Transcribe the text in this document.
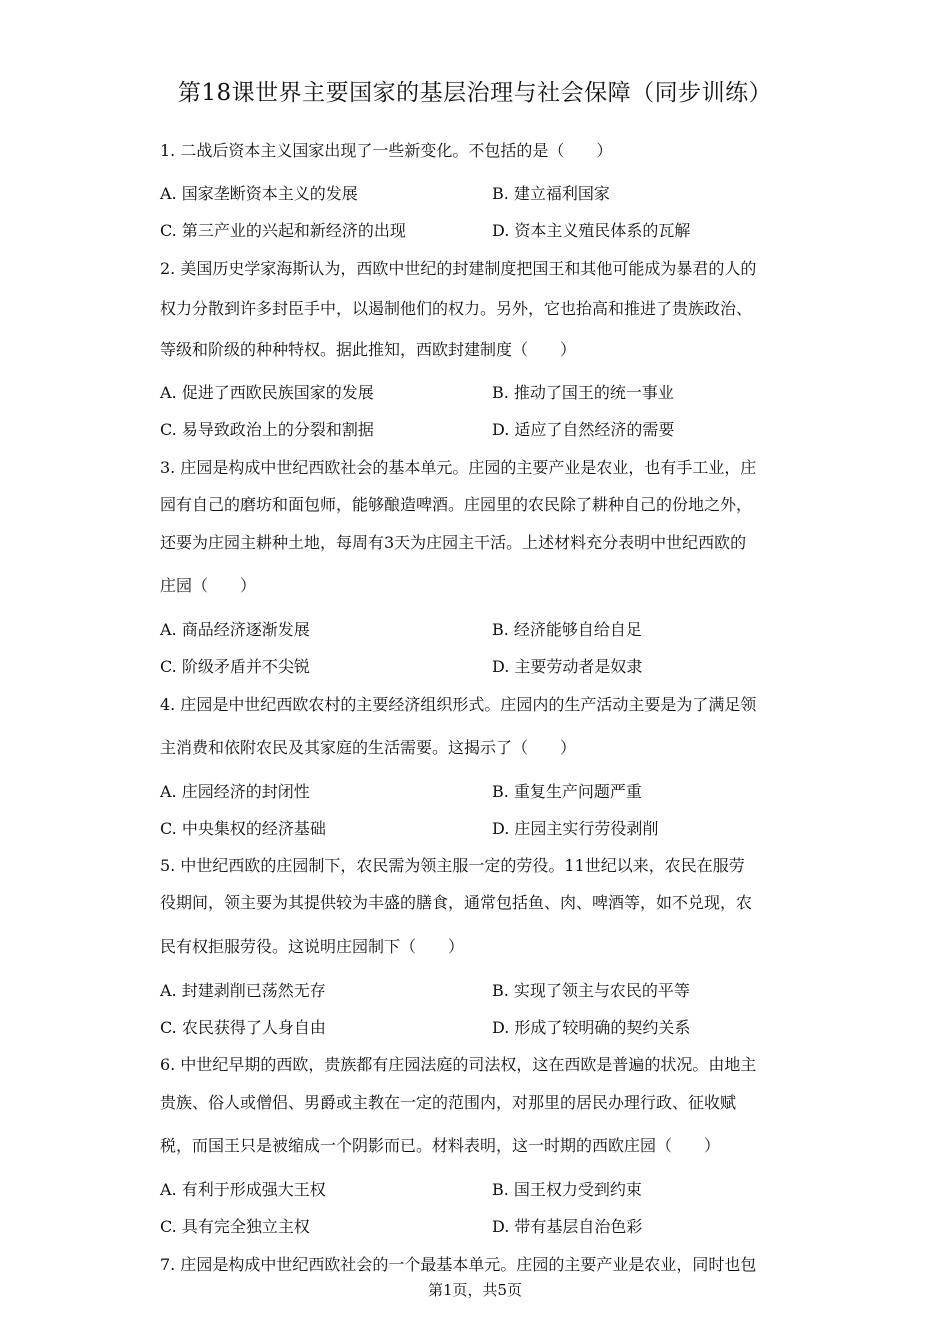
第18课世界主要国家的基层治理与社会保障（同步训练）
1. 二战后资本主义国家出现了一些新变化。不包括的是（　　）
A. 国家垄断资本主义的发展	B. 建立福利国家
C. 第三产业的兴起和新经济的出现	D. 资本主义殖民体系的瓦解
2. 美国历史学家海斯认为，西欧中世纪的封建制度把国王和其他可能成为暴君的人的
权力分散到许多封臣手中，以遏制他们的权力。另外，它也抬高和推进了贵族政治、
等级和阶级的种种特权。据此推知，西欧封建制度（　　）
A. 促进了西欧民族国家的发展	B. 推动了国王的统一事业
C. 易导致政治上的分裂和割据	D. 适应了自然经济的需要
3. 庄园是构成中世纪西欧社会的基本单元。庄园的主要产业是农业，也有手工业，庄
园有自己的磨坊和面包师，能够酿造啤酒。庄园里的农民除了耕种自己的份地之外，
还要为庄园主耕种土地，每周有3天为庄园主干活。上述材料充分表明中世纪西欧的
庄园（　　）
A. 商品经济逐渐发展	B. 经济能够自给自足
C. 阶级矛盾并不尖锐	D. 主要劳动者是奴隶
4. 庄园是中世纪西欧农村的主要经济组织形式。庄园内的生产活动主要是为了满足领
主消费和依附农民及其家庭的生活需要。这揭示了（　　）
A. 庄园经济的封闭性	B. 重复生产问题严重
C. 中央集权的经济基础	D. 庄园主实行劳役剥削
5. 中世纪西欧的庄园制下，农民需为领主服一定的劳役。11世纪以来，农民在服劳
役期间，领主要为其提供较为丰盛的膳食，通常包括鱼、肉、啤酒等，如不兑现，农
民有权拒服劳役。这说明庄园制下（　　）
A. 封建剥削已荡然无存	B. 实现了领主与农民的平等
C. 农民获得了人身自由	D. 形成了较明确的契约关系
6. 中世纪早期的西欧，贵族都有庄园法庭的司法权，这在西欧是普遍的状况。由地主
贵族、俗人或僧侣、男爵或主教在一定的范围内，对那里的居民办理行政、征收赋
税，而国王只是被缩成一个阴影而已。材料表明，这一时期的西欧庄园（　　）
A. 有利于形成强大王权	B. 国王权力受到约束
C. 具有完全独立主权	D. 带有基层自治色彩
7. 庄园是构成中世纪西欧社会的一个最基本单元。庄园的主要产业是农业，同时也包
第1页，共5页
